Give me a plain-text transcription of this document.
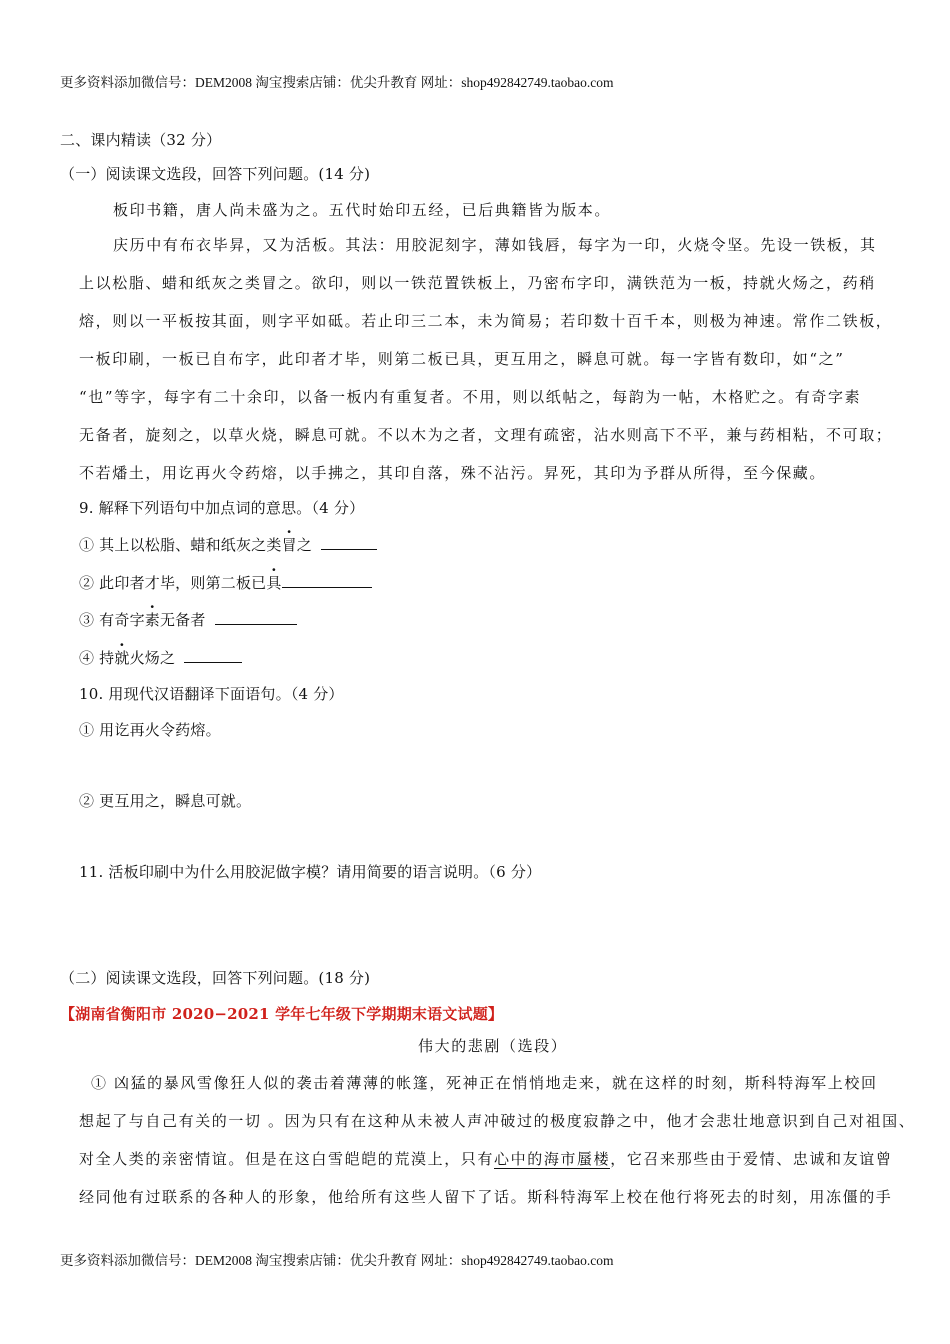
更多资料添加微信号：DEM2008 淘宝搜索店铺：优尖升教育 网址：shop492842749.taobao.com
二、课内精读（32 分）
（一）阅读课文选段，回答下列问题。(14 分)
板印书籍，唐人尚未盛为之。五代时始印五经，已后典籍皆为版本。
庆历中有布衣毕昇，又为活板。其法：用胶泥刻字，薄如钱唇，每字为一印，火烧令坚。先设一铁板，其
上以松脂、蜡和纸灰之类冒之。欲印，则以一铁范置铁板上，乃密布字印，满铁范为一板，持就火炀之，药稍
熔，则以一平板按其面，则字平如砥。若止印三二本，未为简易；若印数十百千本，则极为神速。常作二铁板，
一板印刷，一板已自布字，此印者才毕，则第二板已具，更互用之，瞬息可就。每一字皆有数印，如“之”
“也”等字，每字有二十余印，以备一板内有重复者。不用，则以纸帖之，每韵为一帖，木格贮之。有奇字素
无备者，旋刻之，以草火烧，瞬息可就。不以木为之者，文理有疏密，沾水则高下不平，兼与药相粘，不可取；
不若燔土，用讫再火令药熔，以手拂之，其印自落，殊不沾污。昇死，其印为予群从所得，至今保藏。
9. 解释下列语句中加点词的意思。（4 分）
① 其上以松脂、蜡和纸灰之类冒之
② 此印者才毕，则第二板已具
③ 有奇字素无备者
④ 持就火炀之
10. 用现代汉语翻译下面语句。（4 分）
① 用讫再火令药熔。
② 更互用之，瞬息可就。
11. 活板印刷中为什么用胶泥做字模？请用简要的语言说明。（6 分）
（二）阅读课文选段，回答下列问题。(18 分)
【湖南省衡阳市 2020−2021 学年七年级下学期期末语文试题】
伟大的悲剧（选段）
① 凶猛的暴风雪像狂人似的袭击着薄薄的帐篷，死神正在悄悄地走来，就在这样的时刻，斯科特海军上校回
想起了与自己有关的一切 。因为只有在这种从未被人声冲破过的极度寂静之中，他才会悲壮地意识到自己对祖国、
对全人类的亲密情谊。但是在这白雪皑皑的荒漠上，只有心中的海市蜃楼，它召来那些由于爱情、忠诚和友谊曾
经同他有过联系的各种人的形象，他给所有这些人留下了话。斯科特海军上校在他行将死去的时刻，用冻僵的手
更多资料添加微信号：DEM2008 淘宝搜索店铺：优尖升教育 网址：shop492842749.taobao.com
